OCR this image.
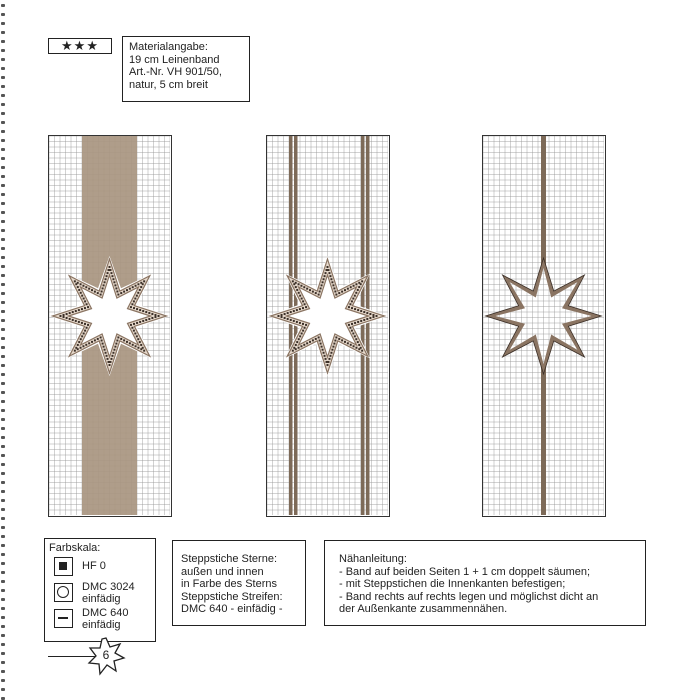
★★★	Materialangabe:
19 cm Leinenband
Art.-Nr. VH 901/50,
natur, 5 cm breit
Farbskala:
HF 0
DMC 3024
einfädig
DMC 640
einfädig
Steppstiche Sterne:
außen und innen
in Farbe des Sterns
Steppstiche Streifen:
DMC 640 - einfädig -
Nähanleitung:
- Band auf beiden Seiten 1 + 1 cm doppelt säumen;
- mit Steppstichen die Innenkanten befestigen;
- Band rechts auf rechts legen und möglichst dicht an
der Außenkante zusammennähen.
6
